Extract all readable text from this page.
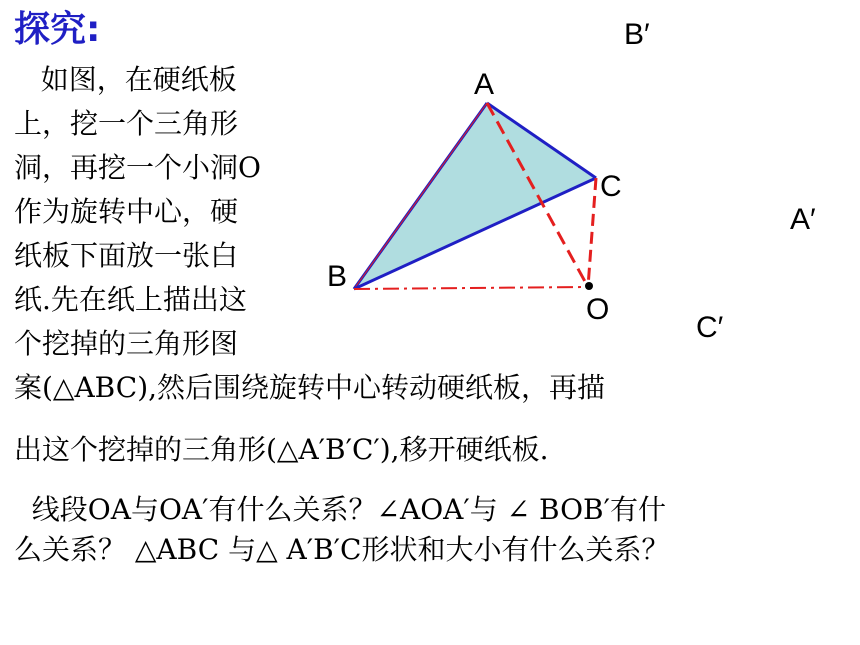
探究:
如图，在硬纸板
上，挖一个三角形
洞，再挖一个小洞O
作为旋转中心，硬
纸板下面放一张白
纸.先在纸上描出这
个挖掉的三角形图
案(△ABC),然后围绕旋转中心转动硬纸板，再描
出这个挖掉的三角形(△A′B′C′),移开硬纸板.
线段OA与OA′有什么关系？∠AOA′与 ∠ BOB′有什
么关系？ △ABC 与△ A′B′C形状和大小有什么关系？
A
B
C
O
B′
A′
C′
